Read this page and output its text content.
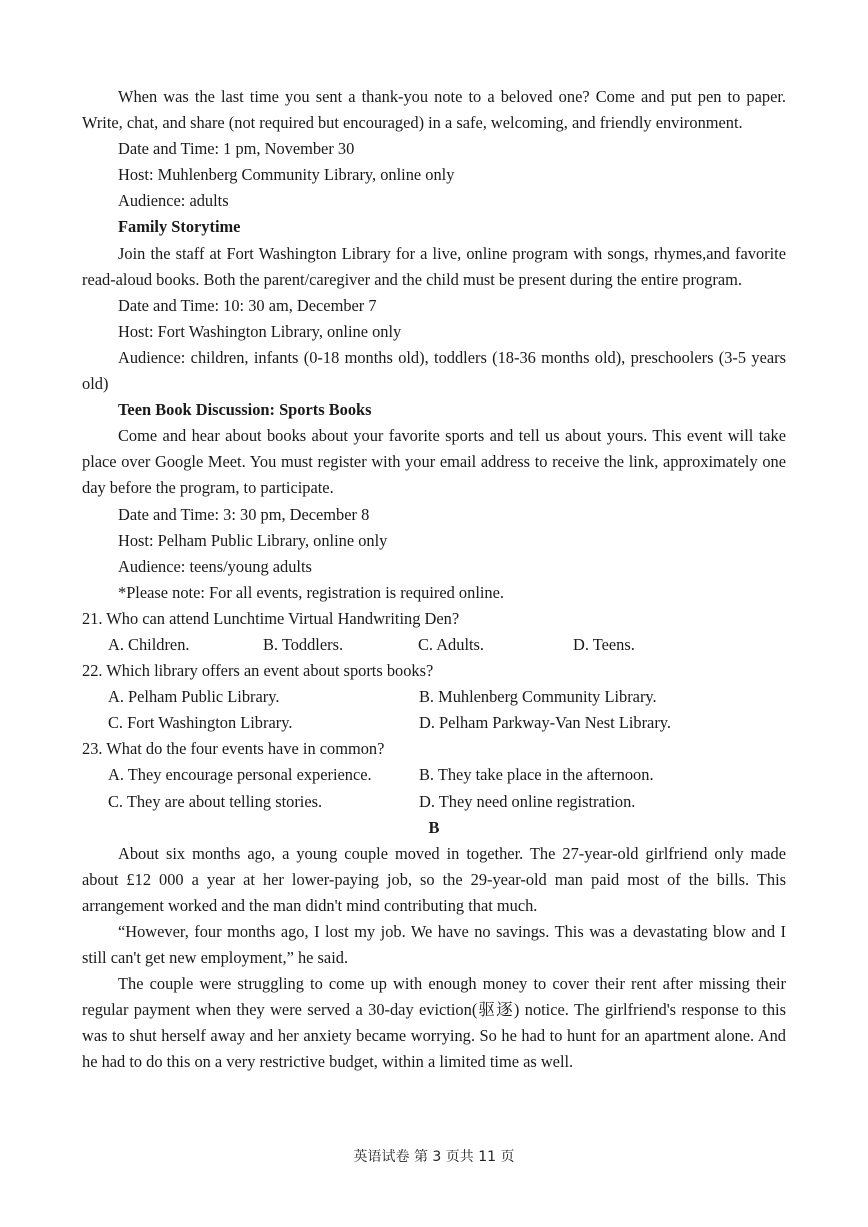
When was the last time you sent a thank-you note to a beloved one? Come and put pen to paper. Write, chat, and share (not required but encouraged) in a safe, welcoming, and friendly environment.

Date and Time: 1 pm, November 30
Host: Muhlenberg Community Library, online only
Audience: adults
Family Storytime

Join the staff at Fort Washington Library for a live, online program with songs, rhymes,and favorite read-aloud books. Both the parent/caregiver and the child must be present during the entire program.

Date and Time: 10: 30 am, December 7
Host: Fort Washington Library, online only

Audience: children, infants (0-18 months old), toddlers (18-36 months old), preschoolers (3-5 years old)

Teen Book Discussion: Sports Books

Come and hear about books about your favorite sports and tell us about yours. This event will take place over Google Meet. You must register with your email address to receive the link, approximately one day before the program, to participate.

Date and Time: 3: 30 pm, December 8
Host: Pelham Public Library, online only
Audience: teens/young adults
*Please note: For all events, registration is required online.
21. Who can attend Lunchtime Virtual Handwriting Den?
A. Children.	B. Toddlers.	C. Adults.	D. Teens.
22. Which library offers an event about sports books?
A. Pelham Public Library.	B. Muhlenberg Community Library.
C. Fort Washington Library.	D. Pelham Parkway-Van Nest Library.
23. What do the four events have in common?
A. They encourage personal experience.	B. They take place in the afternoon.
C. They are about telling stories.	D. They need online registration.
B

About six months ago, a young couple moved in together. The 27-year-old girlfriend only made about £12 000 a year at her lower-paying job, so the 29-year-old man paid most of the bills. This arrangement worked and the man didn't mind contributing that much.

“However, four months ago, I lost my job. We have no savings. This was a devastating blow and I still can't get new employment,” he said.

The couple were struggling to come up with enough money to cover their rent after missing their regular payment when they were served a 30-day eviction(驱逐) notice. The girlfriend's response to this was to shut herself away and her anxiety became worrying. So he had to hunt for an apartment alone. And he had to do this on a very restrictive budget, within a limited time as well.

英语试卷 第 3 页共 11 页
